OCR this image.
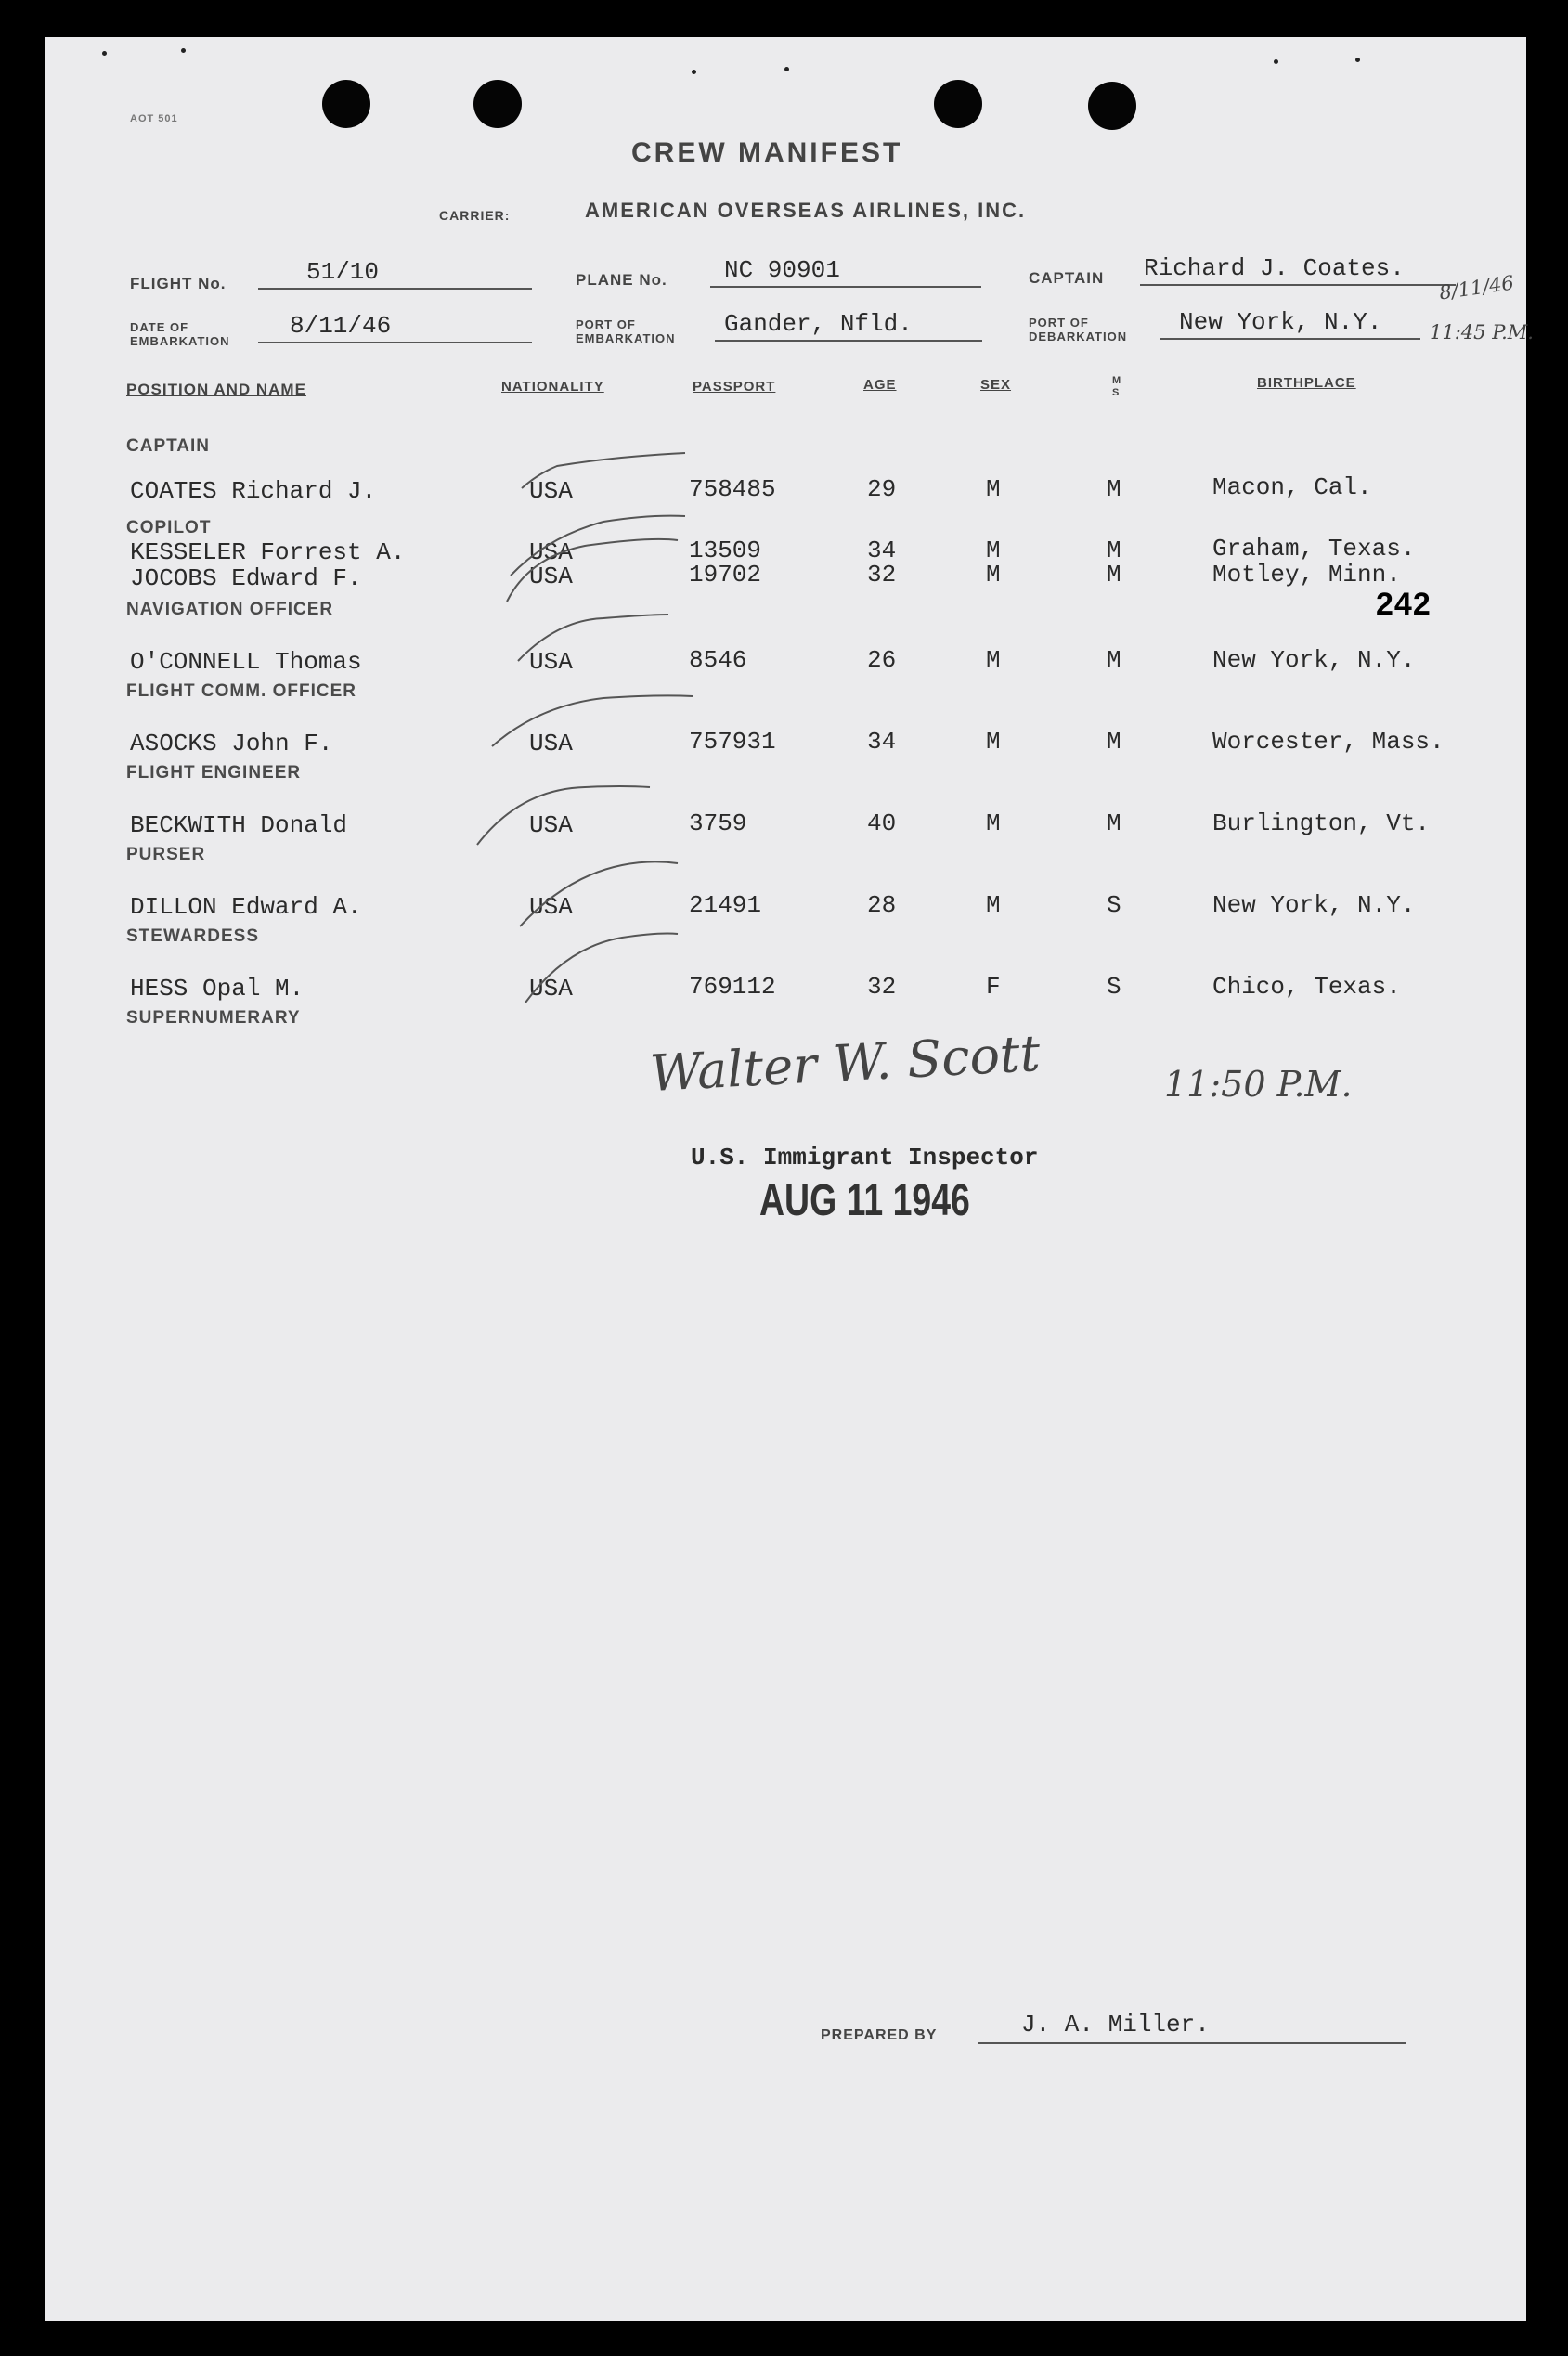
AOT 501
CREW MANIFEST
CARRIER:	AMERICAN OVERSEAS AIRLINES, INC.
FLIGHT No.	51/10	PLANE No. NC 90901	CAPTAIN Richard J. Coates.
DATE OF
EMBARKATION
8/11/46	PORT OF
EMBARKATION
Gander, Nfld.	PORT OF
DEBARKATION
New York, N.Y.
8/11/46
11:45 P.M.
POSITION AND NAME	NATIONALITY	PASSPORT	AGE	SEX	M
S
BIRTHPLACE
CAPTAIN
COATES Richard J.	USA	758485	29	M	M	Macon, Cal.
COPILOT
KESSELER Forrest A.	USA	13509	34	M	M	Graham, Texas.
JOCOBS Edward F.	USA	19702	32	M	M	Motley, Minn.
242
NAVIGATION OFFICER
O'CONNELL Thomas	USA	8546	26	M	M	New York, N.Y.
FLIGHT COMM. OFFICER
ASOCKS John F.	USA	757931	34	M	M	Worcester, Mass.
FLIGHT ENGINEER
BECKWITH Donald	USA	3759	40	M	M	Burlington, Vt.
PURSER
DILLON Edward A.	USA	21491	28	M	S	New York, N.Y.
STEWARDESS
HESS Opal M.	USA	769112	32	F	S	Chico, Texas.
SUPERNUMERARY
Walter W. Scott	11:50 P.M.
U.S. Immigrant Inspector
AUG 11 1946
PREPARED BY	J. A. Miller.
